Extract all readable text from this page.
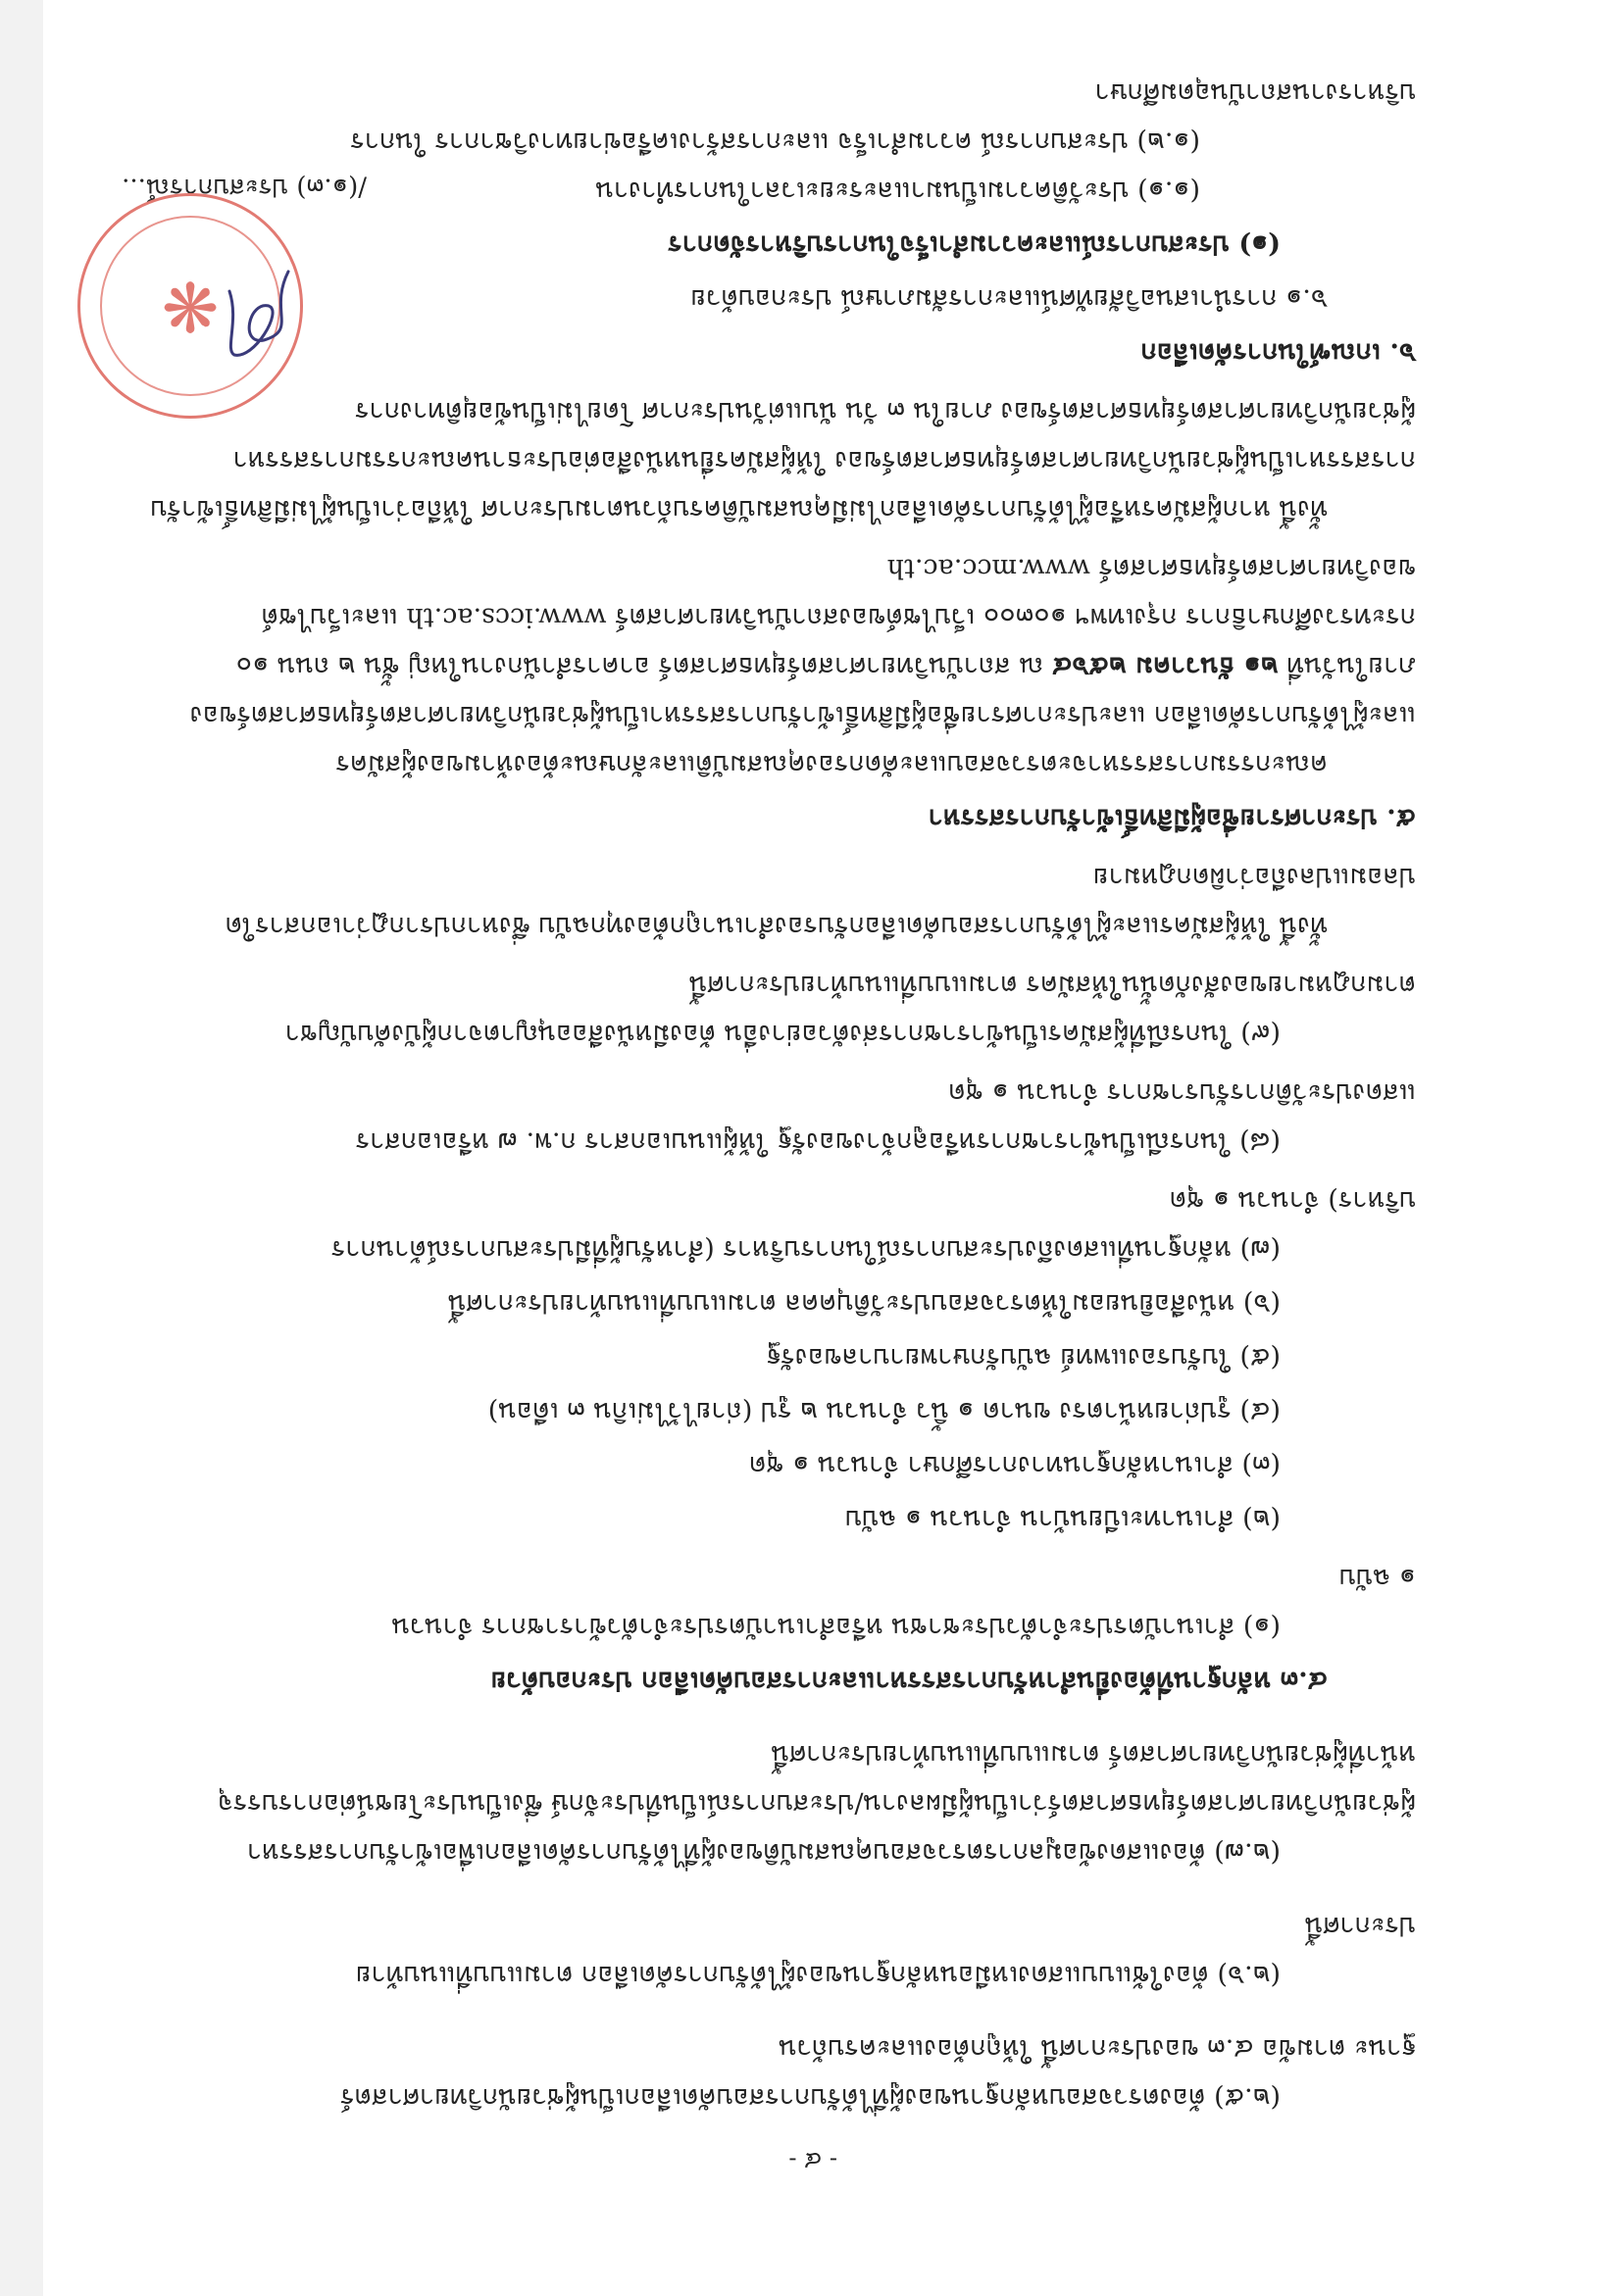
- ๔ -
(๒.๕) ต้องตรวจสอบหลักฐานของผู้ที่ได้รับการสอบคัดเลือกเป็นผู้ช่วยนักวิทยาศาสตร์
ฐานะ ตามข้อ ๔.๓ ของประกาศนี้ ให้ถูกต้องและครบถ้วน
(๒.๖) ต้องใช้แบบแสดงเหมือนหลักฐานของผู้ได้รับการคัดเลือก ตามแบบที่แนบท้าย
ประกาศนี้
(๒.๗) ต้องแสดงข้อมูลการตรวจสอบคุณสมบัติของผู้ที่ได้รับการคัดเลือกเพื่อเข้ารับการสรรหา
ผู้ช่วยนักวิทยาศาสตร์ยุทธศาสตร์ว่าเป็นผู้มีผลงาน/ประสบการณ์เป็นที่ประจักษ์ ซึ่งเป็นประโยชน์ต่อการบรรจุ
หน้าที่ผู้ช่วยนักวิทยาศาสตร์ ตามแบบที่แนบท้ายประกาศนี้
๔.๓ หลักฐานที่ต้องยื่นสำหรับการสรรหาและการสอบคัดเลือก ประกอบด้วย
(๑) สำเนาบัตรประจำตัวประชาชน หรือสำเนาบัตรประจำตัวข้าราชการ จำนวน
๑ ฉบับ
(๒) สำเนาทะเบียนบ้าน จำนวน ๑ ฉบับ
(๓) สำเนาหลักฐานทางการศึกษา จำนวน ๑ ชุด
(๔) รูปถ่ายหน้าตรง ขนาด ๑ นิ้ว จำนวน ๒ รูป (ถ่ายไว้ไม่เกิน ๓ เดือน)
(๕) ใบรับรองแพทย์ ฉบับรักษาพยาบาลของรัฐ
(๖) หนังสือยินยอมให้ตรวจสอบประวัติบุคคล ตามแบบที่แนบท้ายประกาศนี้
(๗) หลักฐานที่แสดงถึงประสบการณ์ในการบริหาร (สำหรับผู้ที่มีประสบการณ์ด้านการ
บริหาร) จำนวน ๑ ชุด
(๘) ในกรณีเป็นข้าราชการหรือลูกจ้างของรัฐ ให้ผู้แนบเอกสาร ก.พ. ๗ หรือเอกสาร
แสดงประวัติการรับราชการ จำนวน ๑ ชุด
(๙) ในกรณีที่ผู้สมัครเป็นข้าราชการส่งตัวอย่างอื่น ต้องมีหนังสืออนุญาตจากผู้บังคับบัญชา
ตามกฎหมายของสังกัดนั้นให้สมัคร ตามแบบที่แนบท้ายประกาศนี้
ทั้งนี้ ให้ผู้สมัครและผู้ได้รับการสอบคัดเลือกรับรองสำเนาถูกต้องทุกฉบับ ซึ่งหากปรากฏว่าเอกสารใด
ปลอมแปลงถือว่าผิดกฎหมาย
๕. ประกาศรายชื่อผู้มีสิทธิ์เข้ารับการสรรหา
คณะกรรมการสรรหาจะตรวจสอบและคัดกรองคุณสมบัติและลักษณะต้องห้ามของผู้สมัคร
และผู้ได้รับการคัดเลือก และประกาศรายชื่อผู้มีสิทธิ์เข้ารับการสรรหาเป็นผู้ช่วยนักวิทยาศาสตร์ยุทธศาสตร์ของ
ภายในวันที่ ๒๑ ธันวาคม ๒๕๖๔ ณ สถาบันวิทยาศาสตร์ยุทธศาสตร์ อาคารสำนักงานใหญ่ ชั้น ๒ ถนน ๑๐
กระทรวงศึกษาธิการ กรุงเทพฯ ๑๐๓๐๐ เว็บไซต์ของสถาบันวิทยาศาสตร์ www.iccs.ac.th และเว็บไซต์
ของวิทยาศาสตร์ยุทธศาสตร์ www.mcc.ac.th
ทั้งนี้ หากผู้สมัครหรือผู้ได้รับการคัดเลือกไม่มีคุณสมบัติครบถ้วนตามประกาศ ให้ถือว่าเป็นผู้ไม่มีสิทธิ์เข้ารับ
การสรรหาเป็นผู้ช่วยนักวิทยาศาสตร์ยุทธศาสตร์ของ ให้ผู้สมัครยื่นหนังสือต่อประธานคณะกรรมการสรรหา
ผู้ช่วยนักวิทยาศาสตร์ยุทธศาสตร์ของ ภายใน ๓ วัน นับแต่วันประกาศ โดยไม่เป็นข้อยุติทางการ
๖. เกณฑ์ในการคัดเลือก
๖.๑ การนำเสนอวิสัยทัศน์และการสัมภาษณ์ ประกอบด้วย
(๑) ประสบการณ์และความสำเร็จในการบริหารจัดการ
(๑.๑) ประวัติความเป็นมาและระยะเวลาในการทำงาน
(๑.๒) ประสบการณ์ ความสำเร็จ และการสร้างเครือข่ายทางวิชาการ ในการ
บริหารงานสถาบันอุดมศึกษา
/(๑.๓) ประสบการณ์...
❋
